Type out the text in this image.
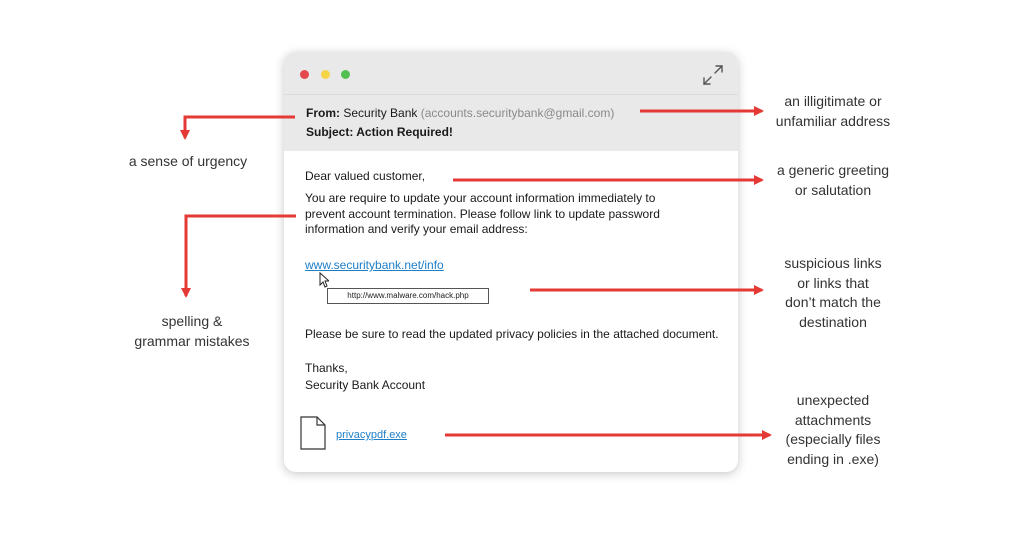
From: Security Bank (accounts.securitybank@gmail.com)
Subject: Action Required!
Dear valued customer,
You are require to update your account information immediately to
prevent account termination. Please follow link to update password
information and verify your email address:
www.securitybank.net/info
http://www.malware.com/hack.php
Please be sure to read the updated privacy policies in the attached document.
Thanks,
Security Bank Account
privacypdf.exe
a sense of urgency
spelling &
grammar mistakes
an illigitimate or
unfamiliar address
a generic greeting
or salutation
suspicious links
or links that
don’t match the
destination
unexpected
attachments
(especially files
ending in .exe)
